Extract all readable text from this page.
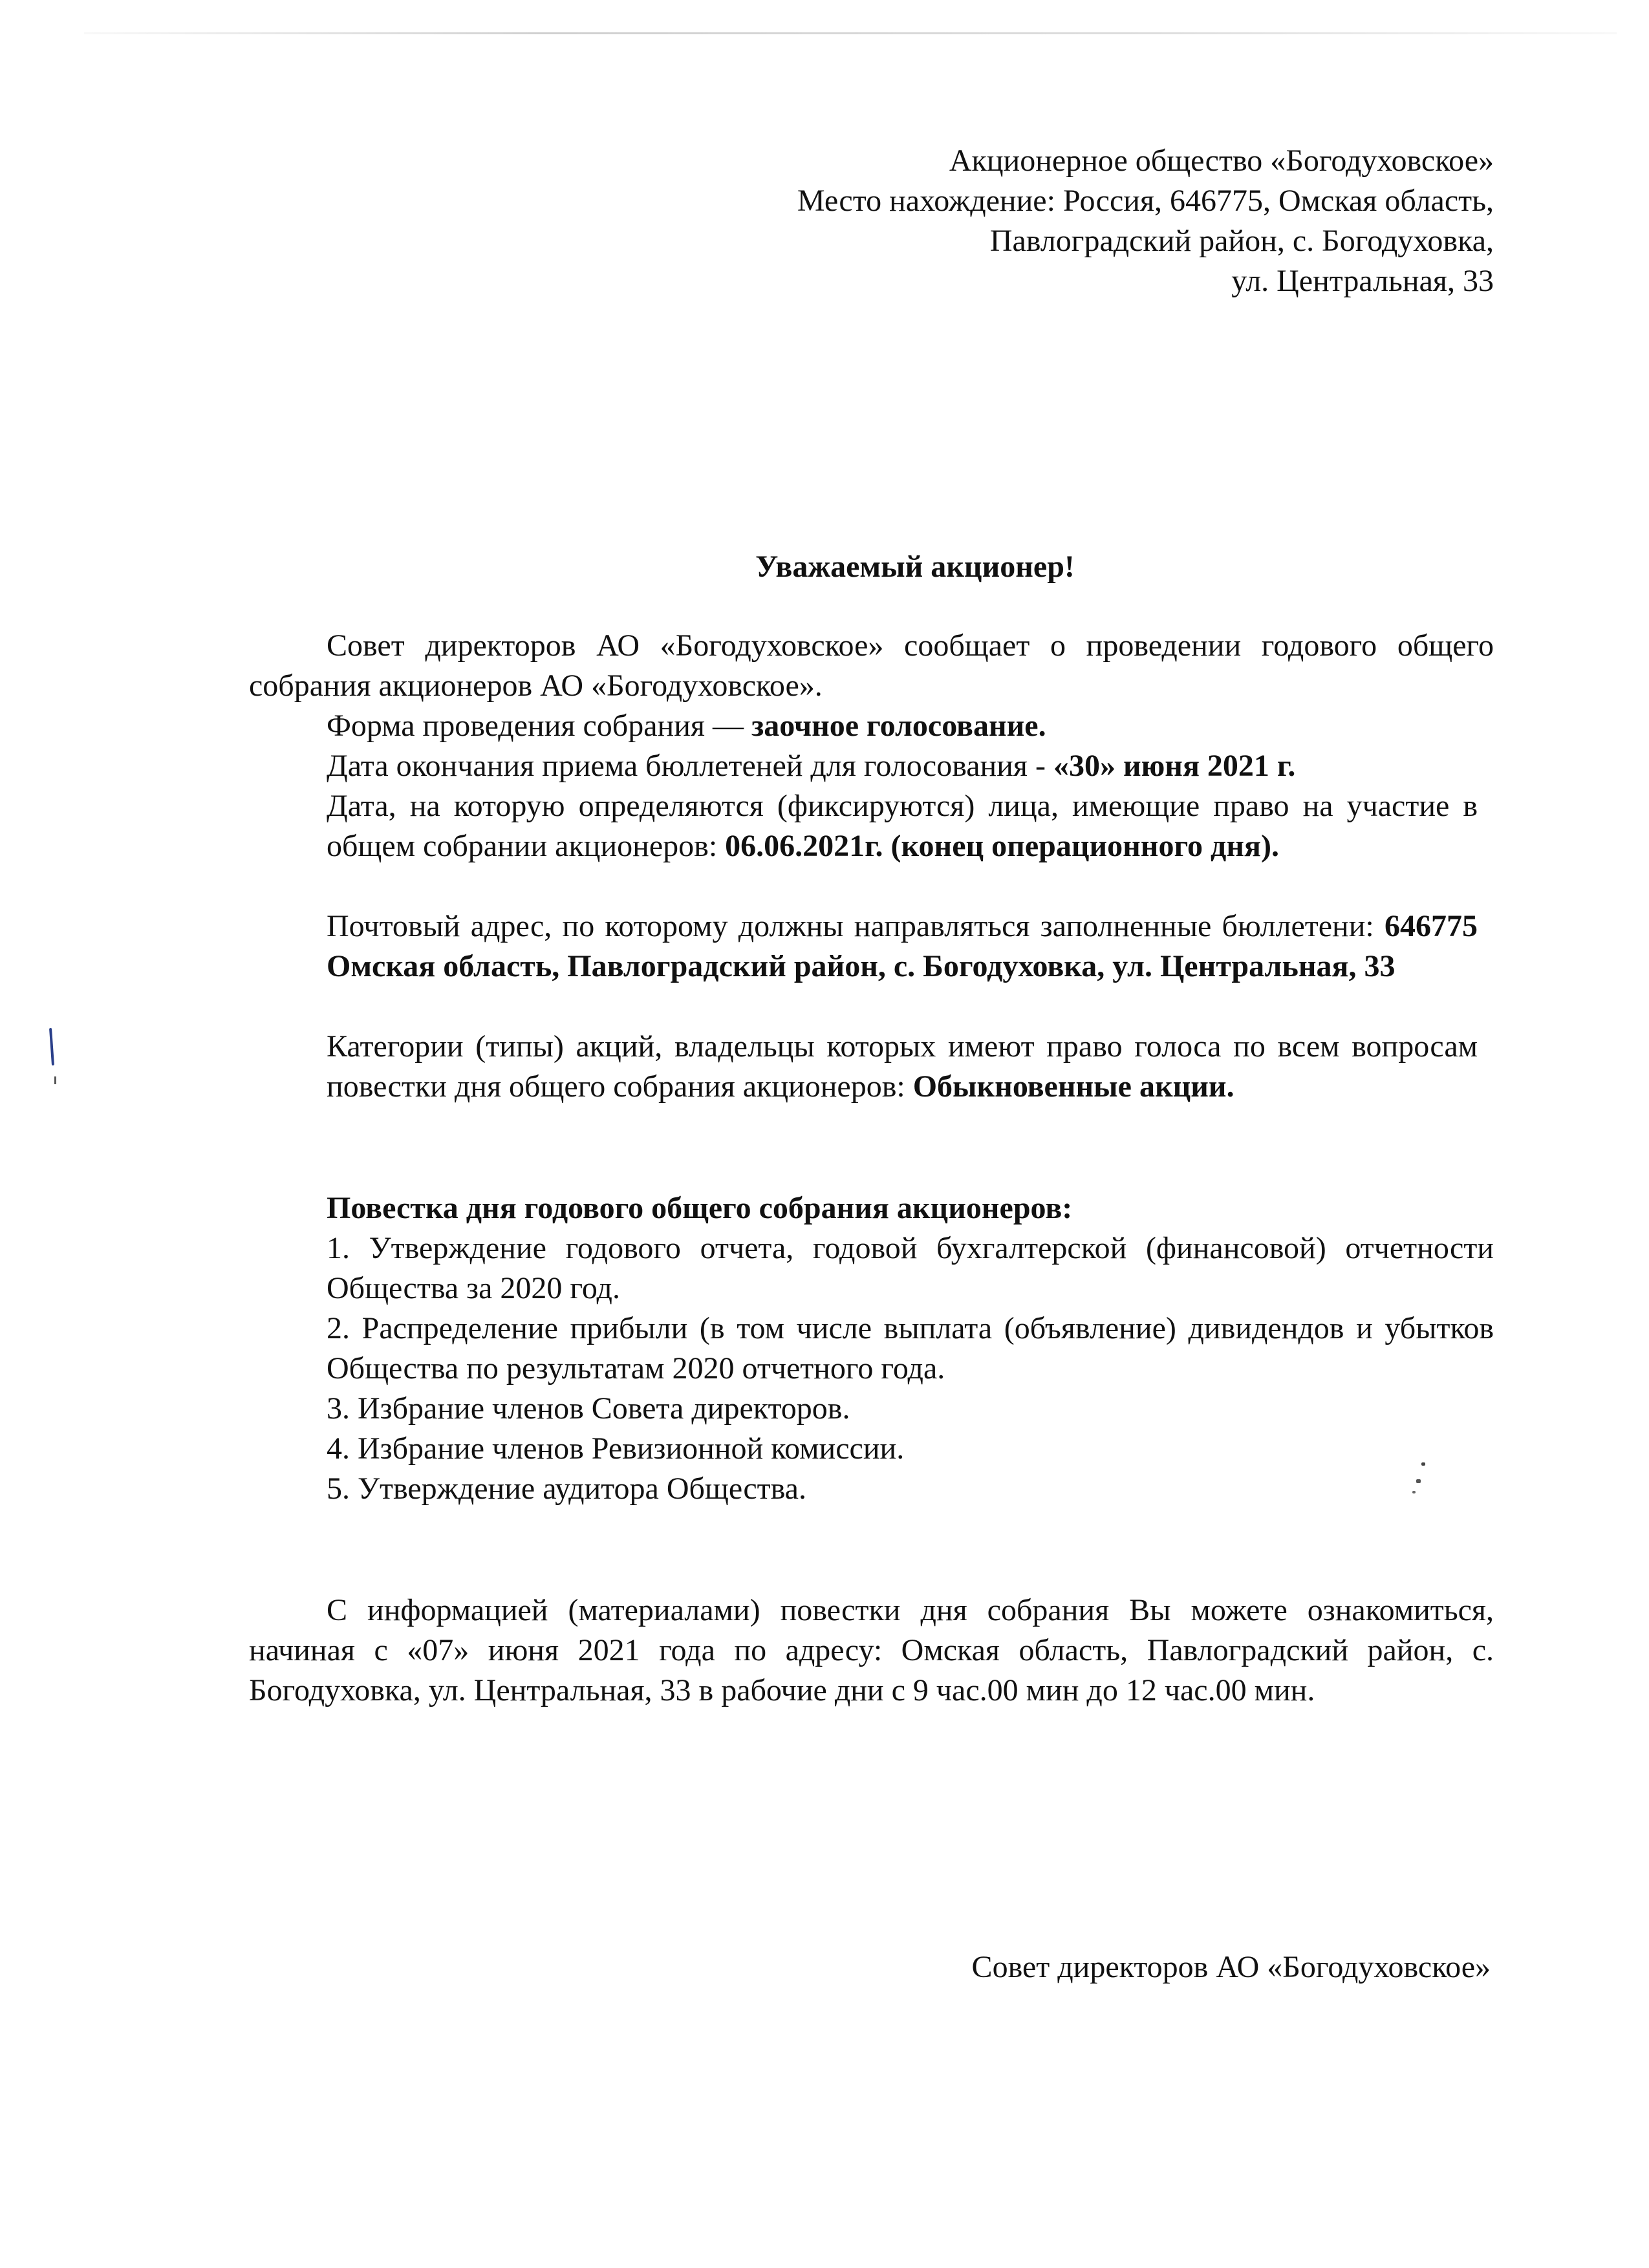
Акционерное общество «Богодуховское»
Место нахождение: Россия, 646775, Омская область,
Павлоградский район, с. Богодуховка,
ул. Центральная, 33
Уважаемый акционер!
Совет директоров АО «Богодуховское» сообщает о проведении годового общего собрания акционеров АО «Богодуховское».
Форма проведения собрания — заочное голосование.
Дата окончания приема бюллетеней для голосования - «30» июня 2021 г.
Дата, на которую определяются (фиксируются) лица, имеющие право на участие в общем собрании акционеров: 06.06.2021г. (конец операционного дня).
Почтовый адрес, по которому должны направляться заполненные бюллетени: 646775 Омская область, Павлоградский район, с. Богодуховка, ул. Центральная, 33
Категории (типы) акций, владельцы которых имеют право голоса по всем вопросам повестки дня общего собрания акционеров: Обыкновенные акции.
Повестка дня годового общего собрания акционеров:
1. Утверждение годового отчета, годовой бухгалтерской (финансовой) отчетности Общества за 2020 год.
2. Распределение прибыли (в том числе выплата (объявление) дивидендов и убытков Общества по результатам 2020 отчетного года.
3. Избрание членов Совета директоров.
4. Избрание членов Ревизионной комиссии.
5. Утверждение аудитора Общества.
С информацией (материалами) повестки дня собрания Вы можете ознакомиться, начиная с «07» июня 2021 года по адресу: Омская область, Павлоградский район, с. Богодуховка, ул. Центральная, 33 в рабочие дни с 9 час.00 мин до 12 час.00 мин.
Совет директоров АО «Богодуховское»
